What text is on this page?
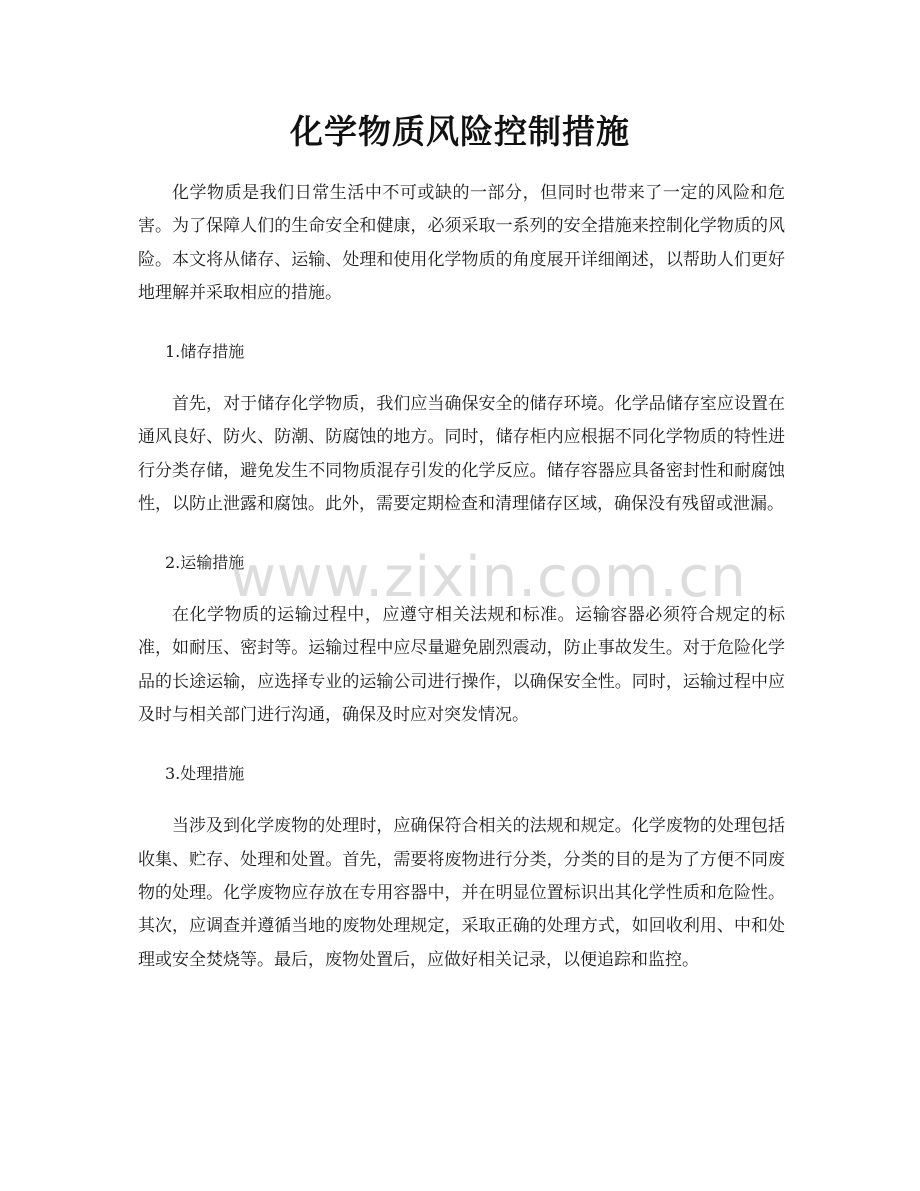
化学物质风险控制措施

化学物质是我们日常生活中不可或缺的一部分，但同时也带来了一定的风险和危害。为了保障人们的生命安全和健康，必须采取一系列的安全措施来控制化学物质的风险。本文将从储存、运输、处理和使用化学物质的角度展开详细阐述，以帮助人们更好地理解并采取相应的措施。

1.储存措施

首先，对于储存化学物质，我们应当确保安全的储存环境。化学品储存室应设置在通风良好、防火、防潮、防腐蚀的地方。同时，储存柜内应根据不同化学物质的特性进行分类存储，避免发生不同物质混存引发的化学反应。储存容器应具备密封性和耐腐蚀性，以防止泄露和腐蚀。此外，需要定期检查和清理储存区域，确保没有残留或泄漏。

2.运输措施

在化学物质的运输过程中，应遵守相关法规和标准。运输容器必须符合规定的标准，如耐压、密封等。运输过程中应尽量避免剧烈震动，防止事故发生。对于危险化学品的长途运输，应选择专业的运输公司进行操作，以确保安全性。同时，运输过程中应及时与相关部门进行沟通，确保及时应对突发情况。

3.处理措施

当涉及到化学废物的处理时，应确保符合相关的法规和规定。化学废物的处理包括收集、贮存、处理和处置。首先，需要将废物进行分类，分类的目的是为了方便不同废物的处理。化学废物应存放在专用容器中，并在明显位置标识出其化学性质和危险性。其次，应调查并遵循当地的废物处理规定，采取正确的处理方式，如回收利用、中和处理或安全焚烧等。最后，废物处置后，应做好相关记录，以便追踪和监控。

www.zixin.com.cn
